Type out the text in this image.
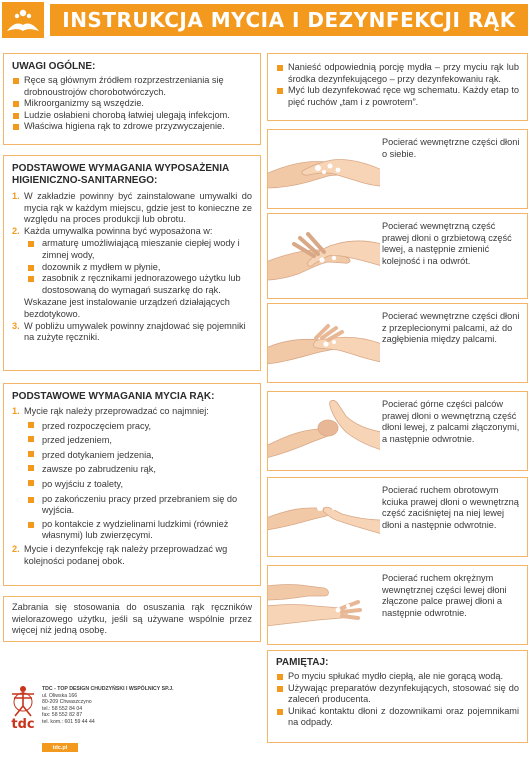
INSTRUKCJA MYCIA I DEZYNFEKCJI RĄK
UWAGI OGÓLNE:
Ręce są głównym źródłem rozprzestrzeniania się drobnoustrojów chorobotwórczych.
Mikroorganizmy są wszędzie.
Ludzie osłabieni chorobą łatwiej ulegają infekcjom.
Właściwa higiena rąk to zdrowe przyzwyczajenie.
Nanieść odpowiednią porcję mydła – przy myciu rąk lub środka dezynfekującego – przy dezynfekowaniu rąk.
Myć lub dezynfekować ręce wg schematu. Każdy etap to pięć ruchów „tam i z powrotem”.
PODSTAWOWE WYMAGANIA WYPOSAŻENIA HIGIENICZNO-SANITARNEGO:
1. W zakładzie powinny być zainstalowane umywalki do mycia rąk w każdym miejscu, gdzie jest to konieczne ze względu na proces produkcji lub obrotu.
2. Każda umywalka powinna być wyposażona w:
armaturę umożliwiającą mieszanie ciepłej wody i zimnej wody,
dozownik z mydłem w płynie,
zasobnik z ręcznikami jednorazowego użytku lub dostosowaną do wymagań suszarkę do rąk.
Wskazane jest instalowanie urządzeń działających bezdotykowo.
3. W pobliżu umywalek powinny znajdować się pojemniki na zużyte ręczniki.
PODSTAWOWE WYMAGANIA MYCIA RĄK:
1. Mycie rąk należy przeprowadzać co najmniej:
przed rozpoczęciem pracy,
przed jedzeniem,
przed dotykaniem jedzenia,
zawsze po zabrudzeniu rąk,
po wyjściu z toalety,
po zakończeniu pracy przed przebraniem się do wyjścia.
po kontakcie z wydzielinami ludzkimi (również własnymi) lub zwierzęcymi.
2. Mycie i dezynfekcję rąk należy przeprowadzać wg kolejności podanej obok.
Zabrania się stosowania do osuszania rąk ręczników wielorazowego użytku, jeśli są używane wspólnie przez więcej niż jedną osobę.
Pocierać wewnętrzne części dłoni o siebie.
Pocierać wewnętrzną część prawej dłoni o grzbietową część lewej, a następnie zmienić kolejność i na odwrót.
Pocierać wewnętrzne części dłoni z przeplecionymi palcami, aż do zagłębienia między palcami.
Pocierać górne części palców prawej dłoni o wewnętrzną część dłoni lewej, z palcami złączonymi, a następnie odwrotnie.
Pocierać ruchem obrotowym kciuka prawej dłoni o wewnętrzną część zaciśniętej na niej lewej dłoni a następnie odwrotnie.
Pocierać ruchem okrężnym wewnętrznej części lewej dłoni złączone palce prawej dłoni a następnie odwrotnie.
PAMIĘTAJ:
Po myciu spłukać mydło ciepłą, ale nie gorącą wodą.
Używając preparatów dezynfekujących, stosować się do zaleceń producenta.
Unikać kontaktu dłoni z dozownikami oraz pojemnikami na odpady.
tdc
TDC - TOP DESIGN CHUDZYŃSKI I WSPÓLNICY SP.J.
ul. Oliwska 166
80-209 Chwaszczyno
tel.: 58 552 84 04
fax: 58 552 82 87
tel. kom.: 601 59 44 44
tdc.pl
